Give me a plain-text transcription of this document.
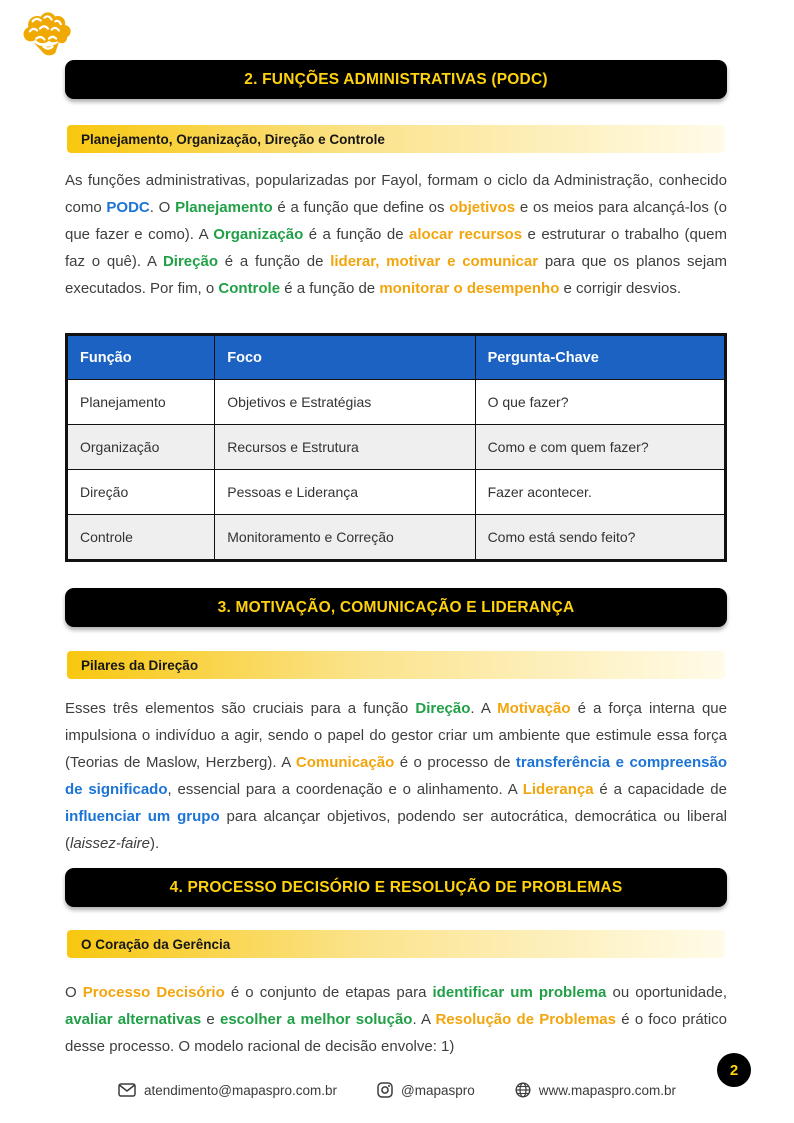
2. FUNÇÕES ADMINISTRATIVAS (PODC)
Planejamento, Organização, Direção e Controle

As funções administrativas, popularizadas por Fayol, formam o ciclo da Administração, conhecido como PODC. O Planejamento é a função que define os objetivos e os meios para alcançá-los (o que fazer e como). A Organização é a função de alocar recursos e estruturar o trabalho (quem faz o quê). A Direção é a função de liderar, motivar e comunicar para que os planos sejam executados. Por fim, o Controle é a função de monitorar o desempenho e corrigir desvios.

Função	Foco	Pergunta-Chave
Planejamento	Objetivos e Estratégias	O que fazer?
Organização	Recursos e Estrutura	Como e com quem fazer?
Direção	Pessoas e Liderança	Fazer acontecer.
Controle	Monitoramento e Correção	Como está sendo feito?
3. MOTIVAÇÃO, COMUNICAÇÃO E LIDERANÇA
Pilares da Direção

Esses três elementos são cruciais para a função Direção. A Motivação é a força interna que impulsiona o indivíduo a agir, sendo o papel do gestor criar um ambiente que estimule essa força (Teorias de Maslow, Herzberg). A Comunicação é o processo de transferência e compreensão de significado, essencial para a coordenação e o alinhamento. A Liderança é a capacidade de influenciar um grupo para alcançar objetivos, podendo ser autocrática, democrática ou liberal (laissez-faire).

4. PROCESSO DECISÓRIO E RESOLUÇÃO DE PROBLEMAS
O Coração da Gerência

O Processo Decisório é o conjunto de etapas para identificar um problema ou oportunidade, avaliar alternativas e escolher a melhor solução. A Resolução de Problemas é o foco prático desse processo. O modelo racional de decisão envolve: 1)

2
atendimento@mapaspro.com.br	@mapaspro	www.mapaspro.com.br
